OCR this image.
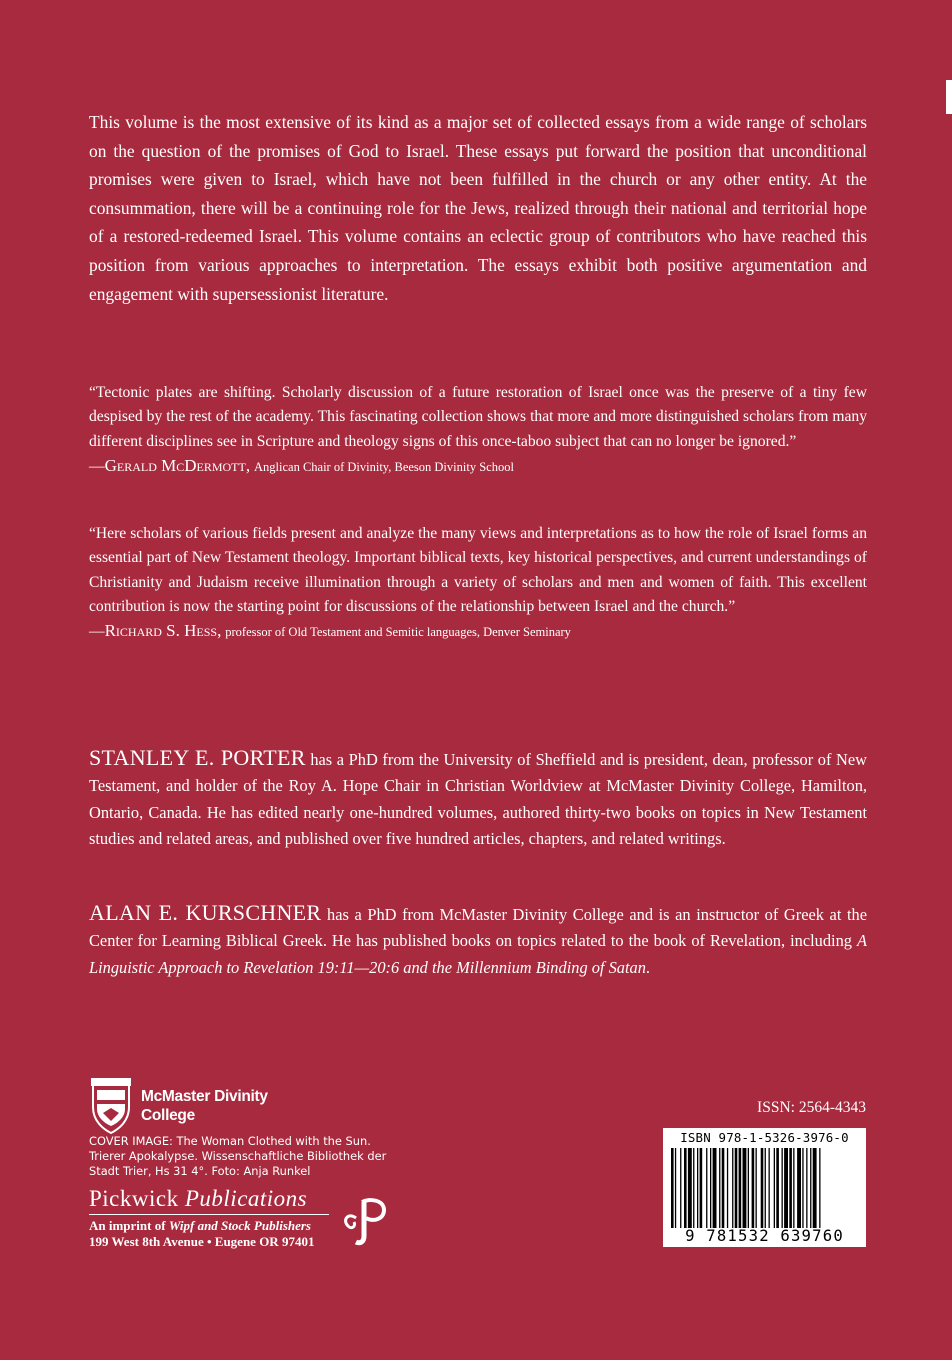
This volume is the most extensive of its kind as a major set of collected essays from a wide range of scholars on the question of the promises of God to Israel. These essays put forward the position that unconditional promises were given to Israel, which have not been fulfilled in the church or any other entity. At the consummation, there will be a continuing role for the Jews, realized through their national and territorial hope of a restored-redeemed Israel. This volume contains an eclectic group of contributors who have reached this position from various approaches to interpretation. The essays exhibit both positive argumentation and engagement with supersessionist literature.

“Tectonic plates are shifting. Scholarly discussion of a future restoration of Israel once was the preserve of a tiny few despised by the rest of the academy. This fascinating collection shows that more and more distinguished scholars from many different disciplines see in Scripture and theology signs of this once-taboo subject that can no longer be ignored.”

—Gerald McDermott, Anglican Chair of Divinity, Beeson Divinity School

“Here scholars of various fields present and analyze the many views and interpretations as to how the role of Israel forms an essential part of New Testament theology. Important biblical texts, key historical perspectives, and current understandings of Christianity and Judaism receive illumination through a variety of scholars and men and women of faith. This excellent contribution is now the starting point for discussions of the relationship between Israel and the church.”

—Richard S. Hess, professor of Old Testament and Semitic languages, Denver Seminary

STANLEY E. PORTER has a PhD from the University of Sheffield and is president, dean, professor of New Testament, and holder of the Roy A. Hope Chair in Christian Worldview at McMaster Divinity College, Hamilton, Ontario, Canada. He has edited nearly one-hundred volumes, authored thirty-two books on topics in New Testament studies and related areas, and published over five hundred articles, chapters, and related writings.

ALAN E. KURSCHNER has a PhD from McMaster Divinity College and is an instructor of Greek at the Center for Learning Biblical Greek. He has published books on topics related to the book of Revelation, including A Linguistic Approach to Revelation 19:11—20:6 and the Millennium Binding of Satan.

McMaster Divinity
College

COVER IMAGE: The Woman Clothed with the Sun.
Trierer Apokalypse. Wissenschaftliche Bibliothek der
Stadt Trier, Hs 31 4°. Foto: Anja Runkel

Pickwick Publications
An imprint of Wipf and Stock Publishers
199 West 8th Avenue • Eugene OR 97401
ISSN: 2564-4343
ISBN 978-1-5326-3976-0
9 781532 639760
